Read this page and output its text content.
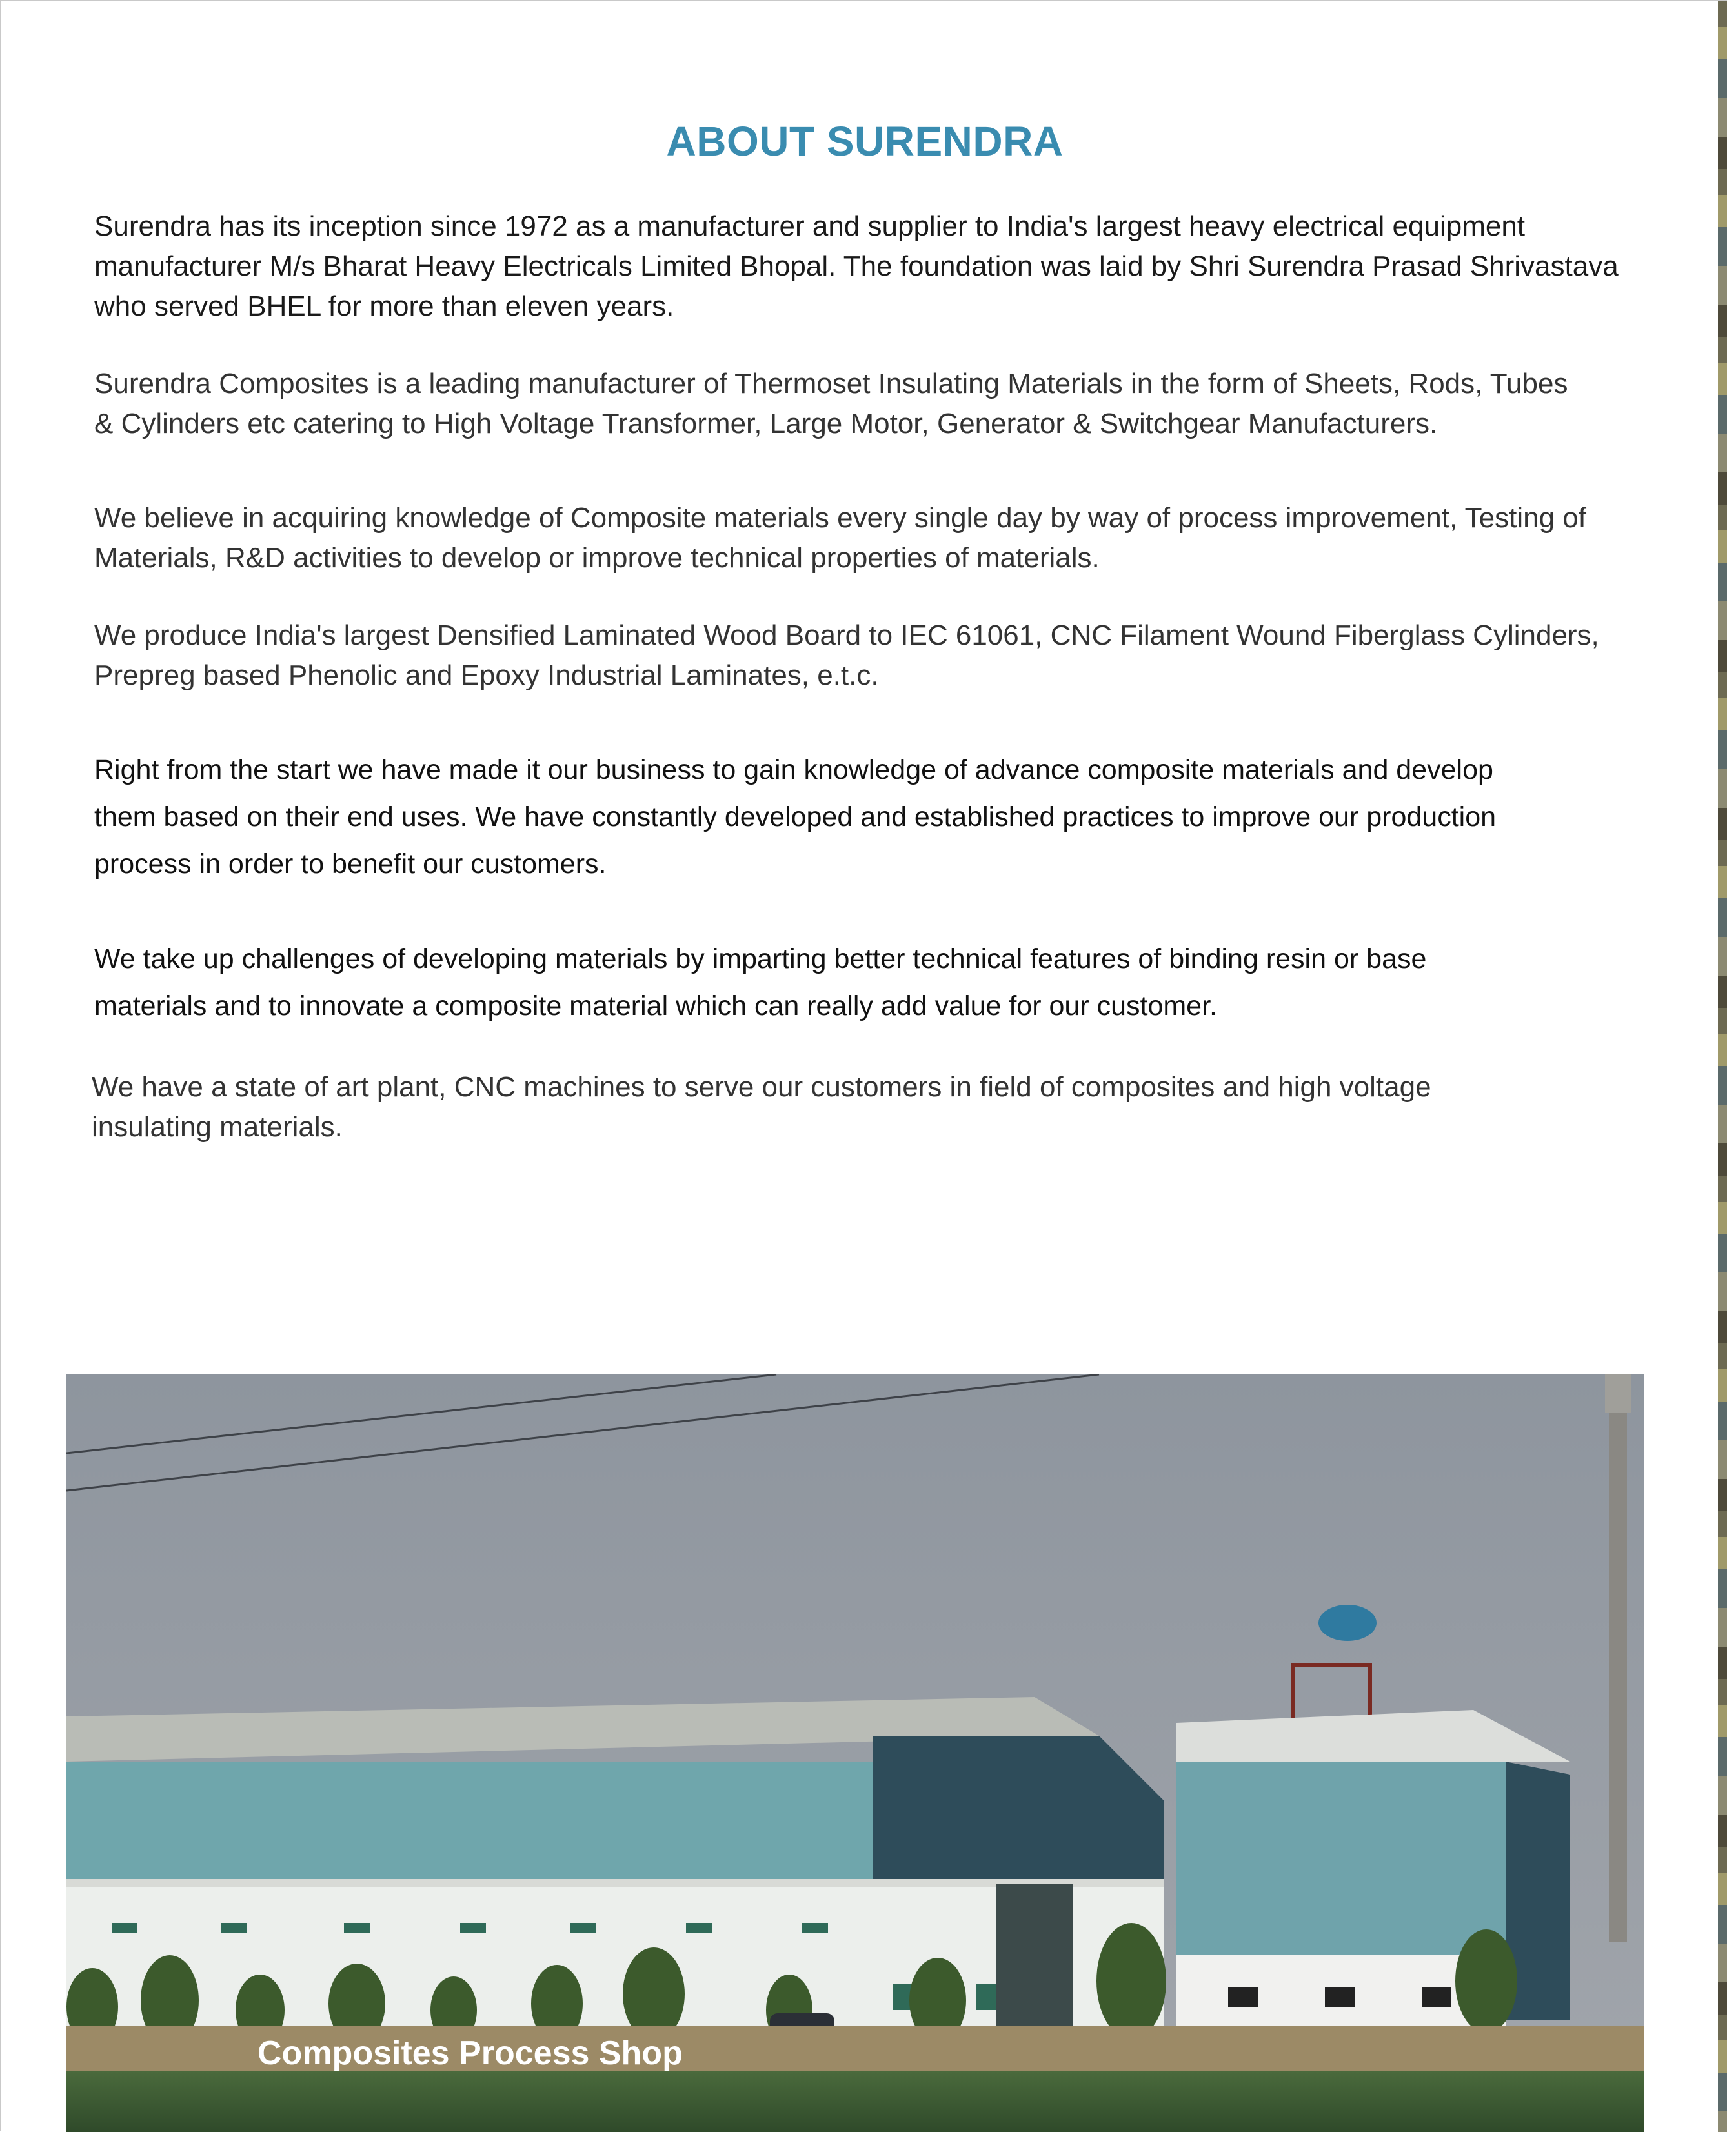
ABOUT SURENDRA

Surendra has its inception since 1972 as a manufacturer and supplier to India's largest heavy electrical equipment manufacturer M/s Bharat Heavy Electricals Limited Bhopal. The foundation was laid by Shri Surendra Prasad Shrivastava who served BHEL for more than eleven years.

Surendra Composites is a leading manufacturer of Thermoset Insulating Materials in the form of Sheets, Rods, Tubes & Cylinders etc catering to High Voltage Transformer, Large Motor, Generator & Switchgear Manufacturers.

We believe in acquiring knowledge of Composite materials every single day by way of process improvement, Testing of Materials, R&D activities to develop or improve technical properties of materials.

We produce India's largest Densified Laminated Wood Board to IEC 61061, CNC Filament Wound Fiberglass Cylinders, Prepreg based Phenolic and Epoxy Industrial Laminates, e.t.c.

Right from the start we have made it our business to gain knowledge of advance composite materials and develop them based on their end uses. We have constantly developed and established practices to improve our production process in order to benefit our customers.

We take up challenges of developing materials by imparting better technical features of binding resin or base materials and to innovate a composite material which can really add value for our customer.

We have a state of art plant, CNC machines to serve our customers in field of composites and high voltage insulating materials.

Composites Process Shop
